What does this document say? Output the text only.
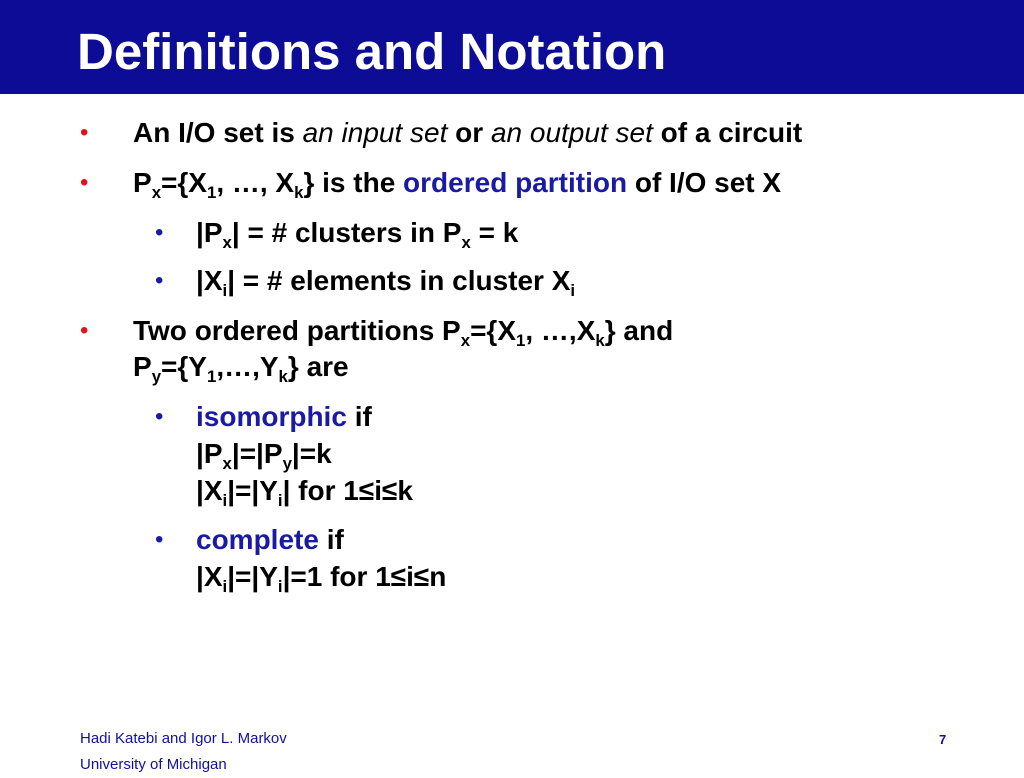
Definitions and Notation
• An I/O set is an input set or an output set of a circuit
• $P_x=\{X_1$, …, $X_k$} is the ordered partition of I/O set X
• $|P_x|$ = # clusters in $P_x = k$
• $|X_i|$ = # elements in cluster $X_i$
• Two ordered partitions $P_x=\{X_1$, $\dots,X_k$} and
$P_y=\{Y_1,\dots,Y_k\}$ are
• isomorphic if
$|P_x|=|P_y|=k$
$|X_i|=|Y_i|$ for 1≤i≤k
• complete if
$|X_i|=|Y_i|=1$ for 1≤i≤n
Hadi Katebi and Igor L. Markov
University of Michigan
7
